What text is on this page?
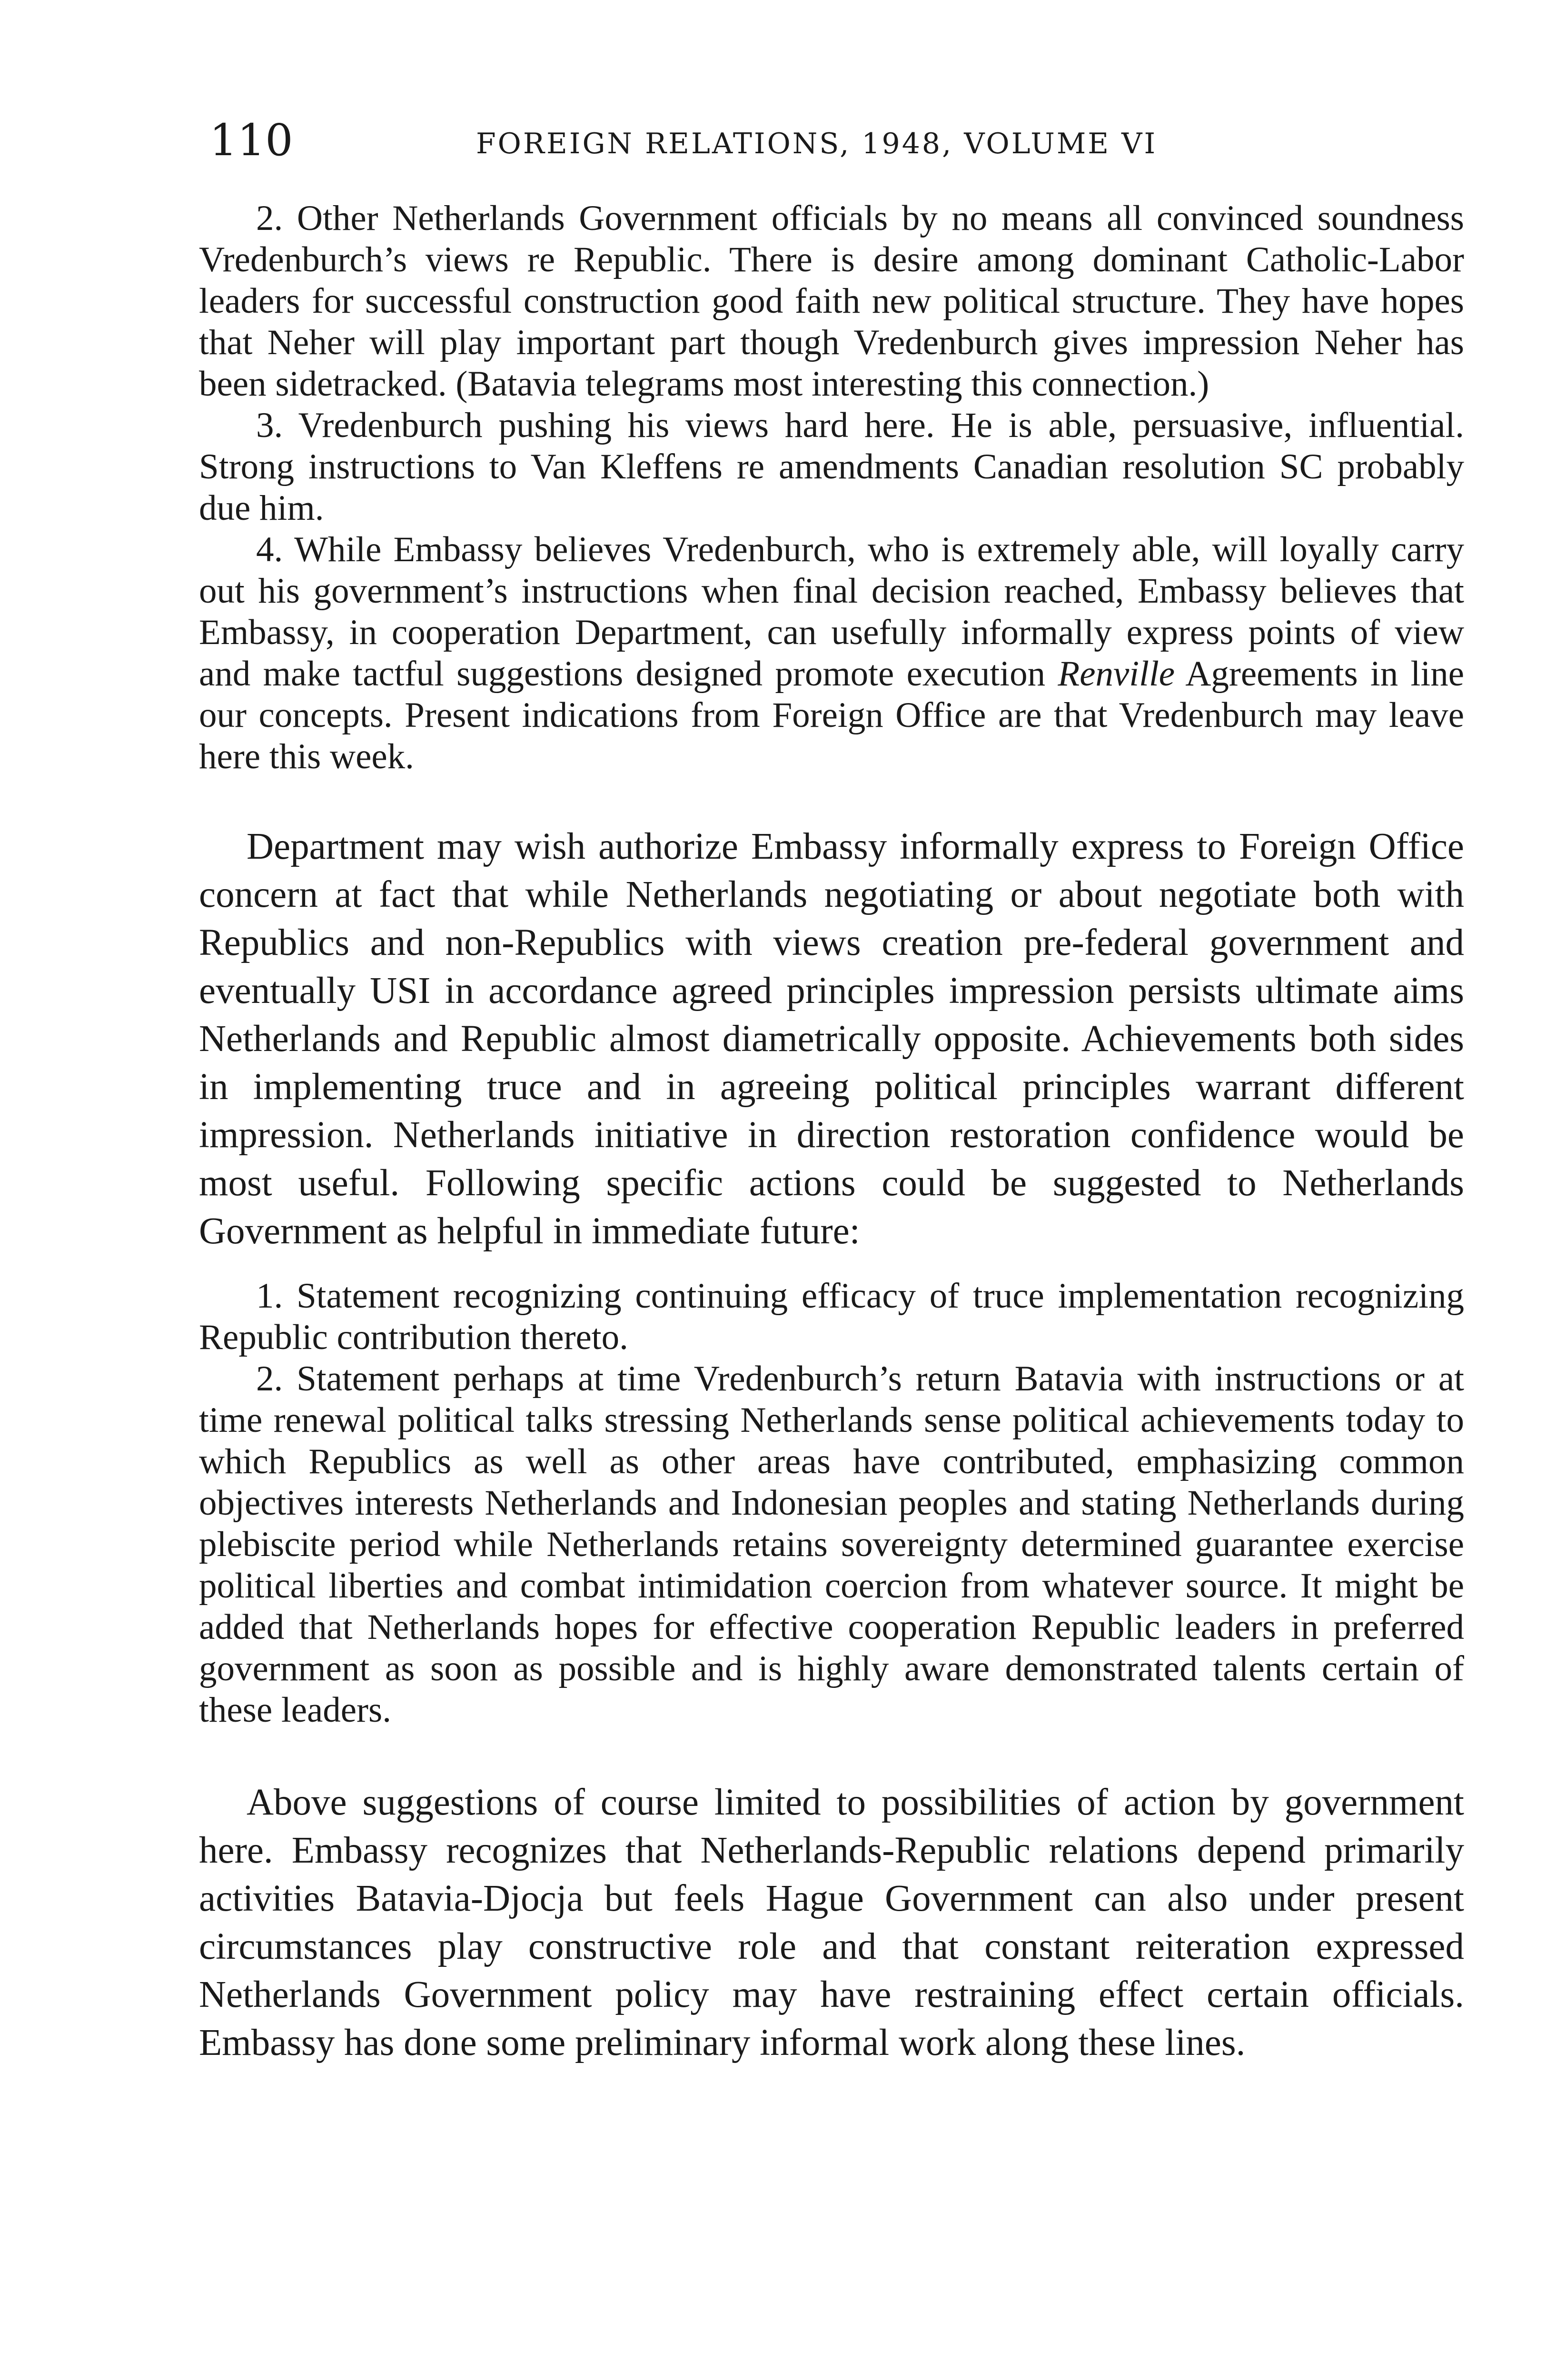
110	FOREIGN RELATIONS, 1948, VOLUME VI

2. Other Netherlands Government officials by no means all convinced soundness Vredenburch’s views re Republic. There is desire among dominant Catholic-Labor leaders for successful construction good faith new political structure. They have hopes that Neher will play important part though Vredenburch gives impression Neher has been sidetracked. (Batavia telegrams most interesting this connection.)

3. Vredenburch pushing his views hard here. He is able, persuasive, influential. Strong instructions to Van Kleffens re amendments Canadian resolution SC probably due him.

4. While Embassy believes Vredenburch, who is extremely able, will loyally carry out his government’s instructions when final decision reached, Embassy believes that Embassy, in cooperation Department, can usefully informally express points of view and make tactful suggestions designed promote execution Renville Agreements in line our concepts. Present indications from Foreign Office are that Vredenburch may leave here this week.

Department may wish authorize Embassy informally express to Foreign Office concern at fact that while Netherlands negotiating or about negotiate both with Republics and non-Republics with views creation pre-federal government and eventually USI in accordance agreed principles impression persists ultimate aims Netherlands and Republic almost diametrically opposite. Achievements both sides in implementing truce and in agreeing political principles warrant different impression. Netherlands initiative in direction restoration confidence would be most useful. Following specific actions could be suggested to Netherlands Government as helpful in immediate future:

1. Statement recognizing continuing efficacy of truce implementation recognizing Republic contribution thereto.

2. Statement perhaps at time Vredenburch’s return Batavia with instructions or at time renewal political talks stressing Netherlands sense political achievements today to which Republics as well as other areas have contributed, emphasizing common objectives interests Netherlands and Indonesian peoples and stating Netherlands during plebiscite period while Netherlands retains sovereignty determined guarantee exercise political liberties and combat intimidation coercion from whatever source. It might be added that Netherlands hopes for effective cooperation Republic leaders in preferred government as soon as possible and is highly aware demonstrated talents certain of these leaders.

Above suggestions of course limited to possibilities of action by government here. Embassy recognizes that Netherlands-Republic relations depend primarily activities Batavia-Djocja but feels Hague Government can also under present circumstances play constructive role and that constant reiteration expressed Netherlands Government policy may have restraining effect certain officials. Embassy has done some preliminary informal work along these lines.
